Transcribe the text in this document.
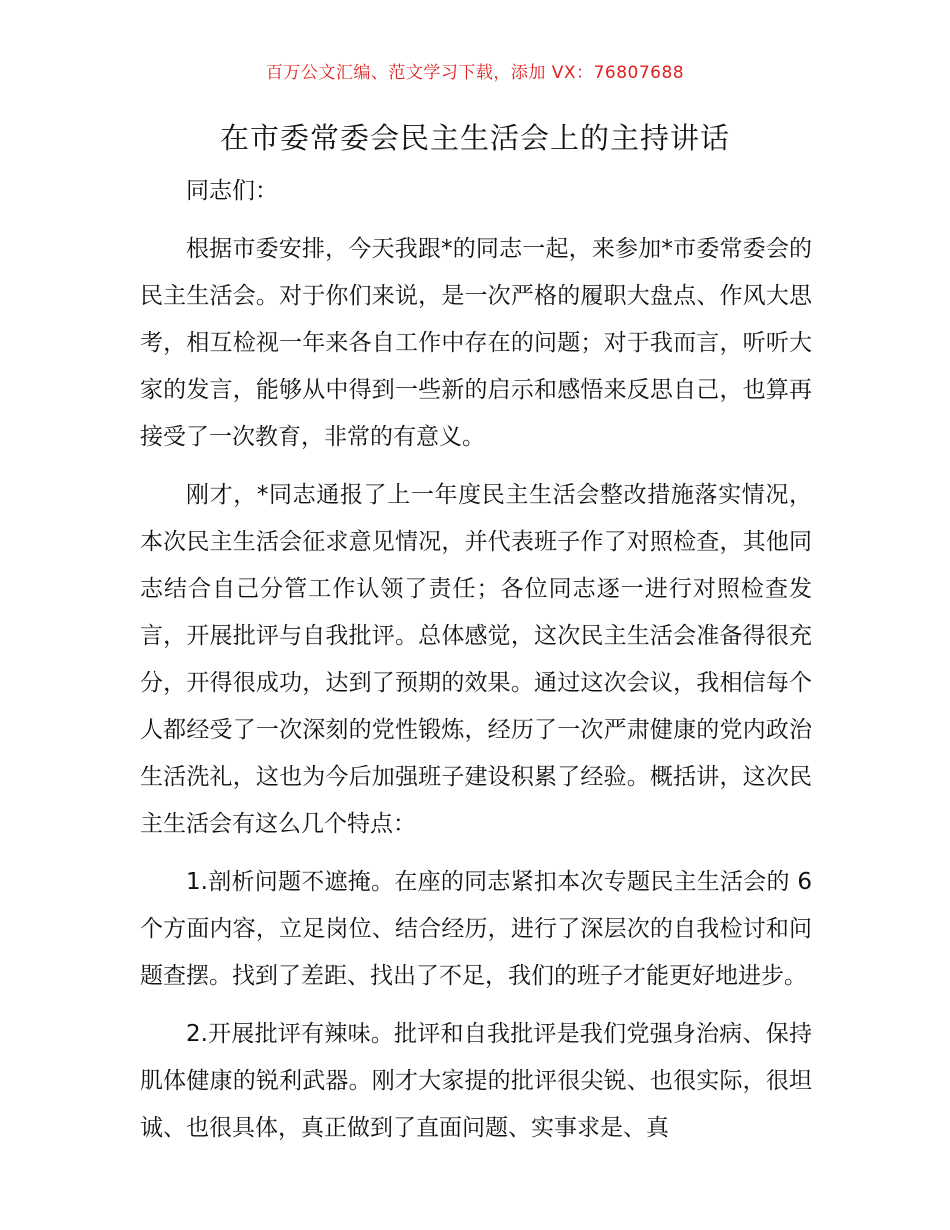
百万公文汇编、范文学习下载，添加 VX：76807688
在市委常委会民主生活会上的主持讲话

同志们：

根据市委安排，今天我跟*的同志一起，来参加*市委常委会的民主生活会。对于你们来说，是一次严格的履职大盘点、作风大思考，相互检视一年来各自工作中存在的问题；对于我而言，听听大家的发言，能够从中得到一些新的启示和感悟来反思自己，也算再接受了一次教育，非常的有意义。

刚才，*同志通报了上一年度民主生活会整改措施落实情况，本次民主生活会征求意见情况，并代表班子作了对照检查，其他同志结合自己分管工作认领了责任；各位同志逐一进行对照检查发言，开展批评与自我批评。总体感觉，这次民主生活会准备得很充分，开得很成功，达到了预期的效果。通过这次会议，我相信每个人都经受了一次深刻的党性锻炼，经历了一次严肃健康的党内政治生活洗礼，这也为今后加强班子建设积累了经验。概括讲，这次民主生活会有这么几个特点：

1.剖析问题不遮掩。在座的同志紧扣本次专题民主生活会的 6 个方面内容，立足岗位、结合经历，进行了深层次的自我检讨和问题查摆。找到了差距、找出了不足，我们的班子才能更好地进步。

2.开展批评有辣味。批评和自我批评是我们党强身治病、保持肌体健康的锐利武器。刚才大家提的批评很尖锐、也很实际，很坦诚、也很具体，真正做到了直面问题、实事求是、真
